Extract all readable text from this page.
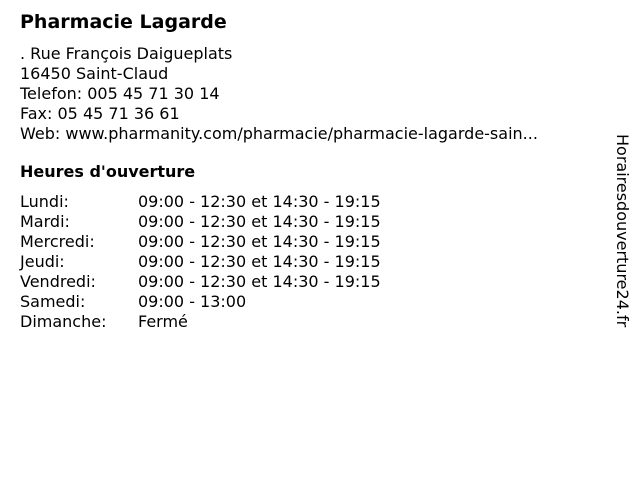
Pharmacie Lagarde
. Rue François Daigueplats
16450 Saint-Claud
Telefon: 005 45 71 30 14
Fax: 05 45 71 36 61
Web:
www.pharmanity.com/pharmacie/pharmacie-lagarde-sain...
Heures d'ouverture
Lundi:	09:00 - 12:30 et 14:30 - 19:15
Mardi:	09:00 - 12:30 et 14:30 - 19:15
Mercredi:	09:00 - 12:30 et 14:30 - 19:15
Jeudi:	09:00 - 12:30 et 14:30 - 19:15
Vendredi:	09:00 - 12:30 et 14:30 - 19:15
Samedi:	09:00 - 13:00
Dimanche:	Fermé	Horairesdouverture24.fr
